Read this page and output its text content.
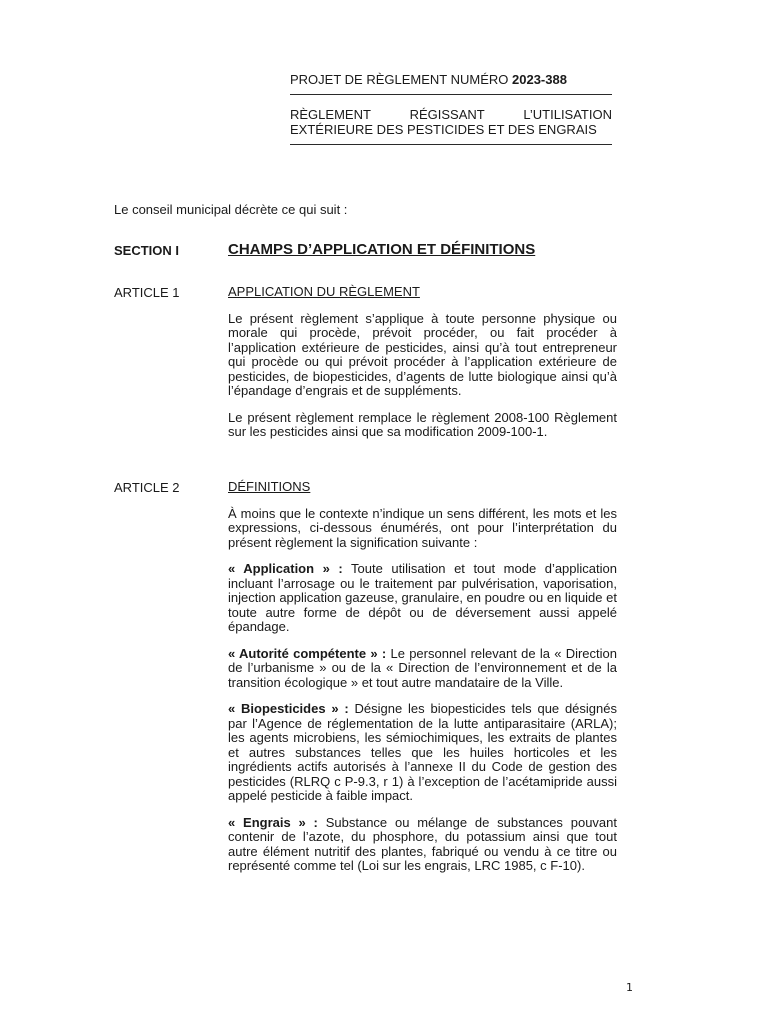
PROJET DE RÈGLEMENT NUMÉRO 2023-388
RÈGLEMENT RÉGISSANT L’UTILISATION EXTÉRIEURE DES PESTICIDES ET DES ENGRAIS
Le conseil municipal décrète ce qui suit :
SECTION I	CHAMPS D’APPLICATION ET DÉFINITIONS
ARTICLE 1	APPLICATION DU RÈGLEMENT

Le présent règlement s’applique à toute personne physique ou morale qui procède, prévoit procéder, ou fait procéder à l’application extérieure de pesticides, ainsi qu’à tout entrepreneur qui procède ou qui prévoit procéder à l’application extérieure de pesticides, de biopesticides, d’agents de lutte biologique ainsi qu’à l’épandage d’engrais et de suppléments.

Le présent règlement remplace le règlement 2008-100 Règlement sur les pesticides ainsi que sa modification 2009-100-1.

ARTICLE 2	DÉFINITIONS

À moins que le contexte n’indique un sens différent, les mots et les expressions, ci-dessous énumérés, ont pour l’interprétation du présent règlement la signification suivante :

« Application » : Toute utilisation et tout mode d’application incluant l’arrosage ou le traitement par pulvérisation, vaporisation, injection application gazeuse, granulaire, en poudre ou en liquide et toute autre forme de dépôt ou de déversement aussi appelé épandage.

« Autorité compétente » : Le personnel relevant de la « Direction de l’urbanisme » ou de la « Direction de l’environnement et de la transition écologique » et tout autre mandataire de la Ville.

« Biopesticides » : Désigne les biopesticides tels que désignés par l’Agence de réglementation de la lutte antiparasitaire (ARLA); les agents microbiens, les sémiochimiques, les extraits de plantes et autres substances telles que les huiles horticoles et les ingrédients actifs autorisés à l’annexe II du Code de gestion des pesticides (RLRQ c P-9.3, r 1) à l’exception de l’acétamipride aussi appelé pesticide à faible impact.

« Engrais » : Substance ou mélange de substances pouvant contenir de l’azote, du phosphore, du potassium ainsi que tout autre élément nutritif des plantes, fabriqué ou vendu à ce titre ou représenté comme tel (Loi sur les engrais, LRC 1985, c F-10).

1
